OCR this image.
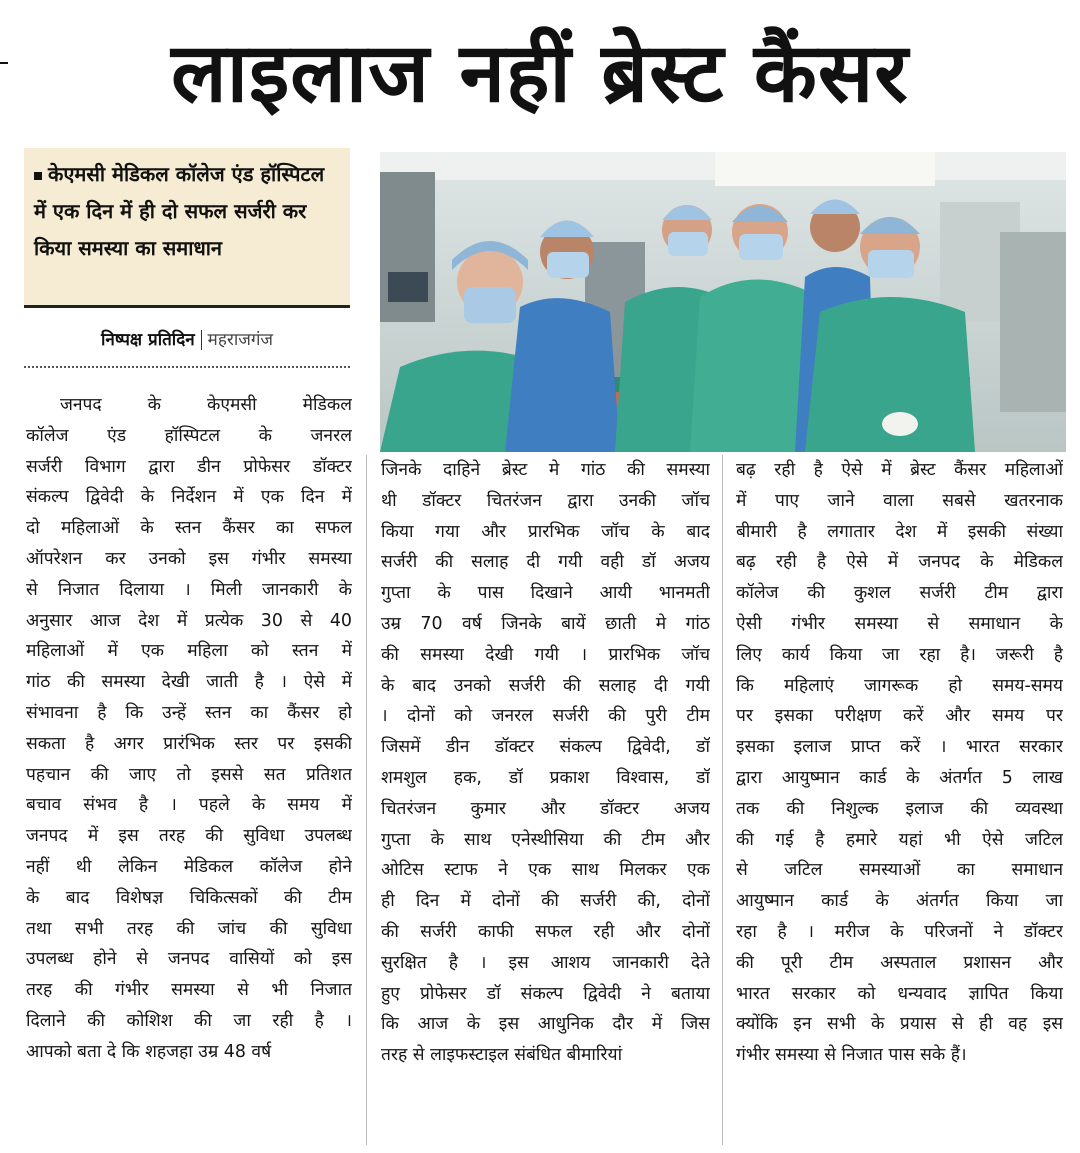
लाइलाज नहीं ब्रेस्ट कैंसर
केएमसी मेडिकल कॉलेज एंड हॉस्पिटल में एक दिन में ही दो सफल सर्जरी कर किया समस्या का समाधान
निष्पक्ष प्रतिदिन महराजगंज
जनपद के केएमसी मेडिकल
कॉलेज एंड हॉस्पिटल के जनरल
सर्जरी विभाग द्वारा डीन प्रोफेसर डॉक्टर
संकल्प द्विवेदी के निर्देशन में एक दिन में
दो महिलाओं के स्तन कैंसर का सफल
ऑपरेशन कर उनको इस गंभीर समस्या
से निजात दिलाया । मिली जानकारी के
अनुसार आज देश में प्रत्येक 30 से 40
महिलाओं में एक महिला को स्तन में
गांठ की समस्या देखी जाती है । ऐसे में
संभावना है कि उन्हें स्तन का कैंसर हो
सकता है अगर प्रारंभिक स्तर पर इसकी
पहचान की जाए तो इससे सत प्रतिशत
बचाव संभव है । पहले के समय में
जनपद में इस तरह की सुविधा उपलब्ध
नहीं थी लेकिन मेडिकल कॉलेज होने
के बाद विशेषज्ञ चिकित्सकों की टीम
तथा सभी तरह की जांच की सुविधा
उपलब्ध होने से जनपद वासियों को इस
तरह की गंभीर समस्या से भी निजात
दिलाने की कोशिश की जा रही है ।
आपको बता दे कि शहजहा उम्र 48 वर्ष
जिनके दाहिने ब्रेस्ट मे गांठ की समस्या
थी डॉक्टर चितरंजन द्वारा उनकी जॉच
किया गया और प्रारभिक जॉच के बाद
सर्जरी की सलाह दी गयी वही डॉ अजय
गुप्ता के पास दिखाने आयी भानमती
उम्र 70 वर्ष जिनके बायें छाती मे गांठ
की समस्या देखी गयी । प्रारभिक जॉच
के बाद उनको सर्जरी की सलाह दी गयी
। दोनों को जनरल सर्जरी की पुरी टीम
जिसमें डीन डॉक्टर संकल्प द्विवेदी, डॉ
शमशुल हक, डॉ प्रकाश विश्वास, डॉ
चितरंजन कुमार और डॉक्टर अजय
गुप्ता के साथ एनेस्थीसिया की टीम और
ओटिस स्टाफ ने एक साथ मिलकर एक
ही दिन में दोनों की सर्जरी की, दोनों
की सर्जरी काफी सफल रही और दोनों
सुरक्षित है । इस आशय जानकारी देते
हुए प्रोफेसर डॉ संकल्प द्विवेदी ने बताया
कि आज के इस आधुनिक दौर में जिस
तरह से लाइफस्टाइल संबंधित बीमारियां
बढ़ रही है ऐसे में ब्रेस्ट कैंसर महिलाओं
में पाए जाने वाला सबसे खतरनाक
बीमारी है लगातार देश में इसकी संख्या
बढ़ रही है ऐसे में जनपद के मेडिकल
कॉलेज की कुशल सर्जरी टीम द्वारा
ऐसी गंभीर समस्या से समाधान के
लिए कार्य किया जा रहा है। जरूरी है
कि महिलाएं जागरूक हो समय-समय
पर इसका परीक्षण करें और समय पर
इसका इलाज प्राप्त करें । भारत सरकार
द्वारा आयुष्मान कार्ड के अंतर्गत 5 लाख
तक की निशुल्क इलाज की व्यवस्था
की गई है हमारे यहां भी ऐसे जटिल
से जटिल समस्याओं का समाधान
आयुष्मान कार्ड के अंतर्गत किया जा
रहा है । मरीज के परिजनों ने डॉक्टर
की पूरी टीम अस्पताल प्रशासन और
भारत सरकार को धन्यवाद ज्ञापित किया
क्योंकि इन सभी के प्रयास से ही वह इस
गंभीर समस्या से निजात पास सके हैं।
